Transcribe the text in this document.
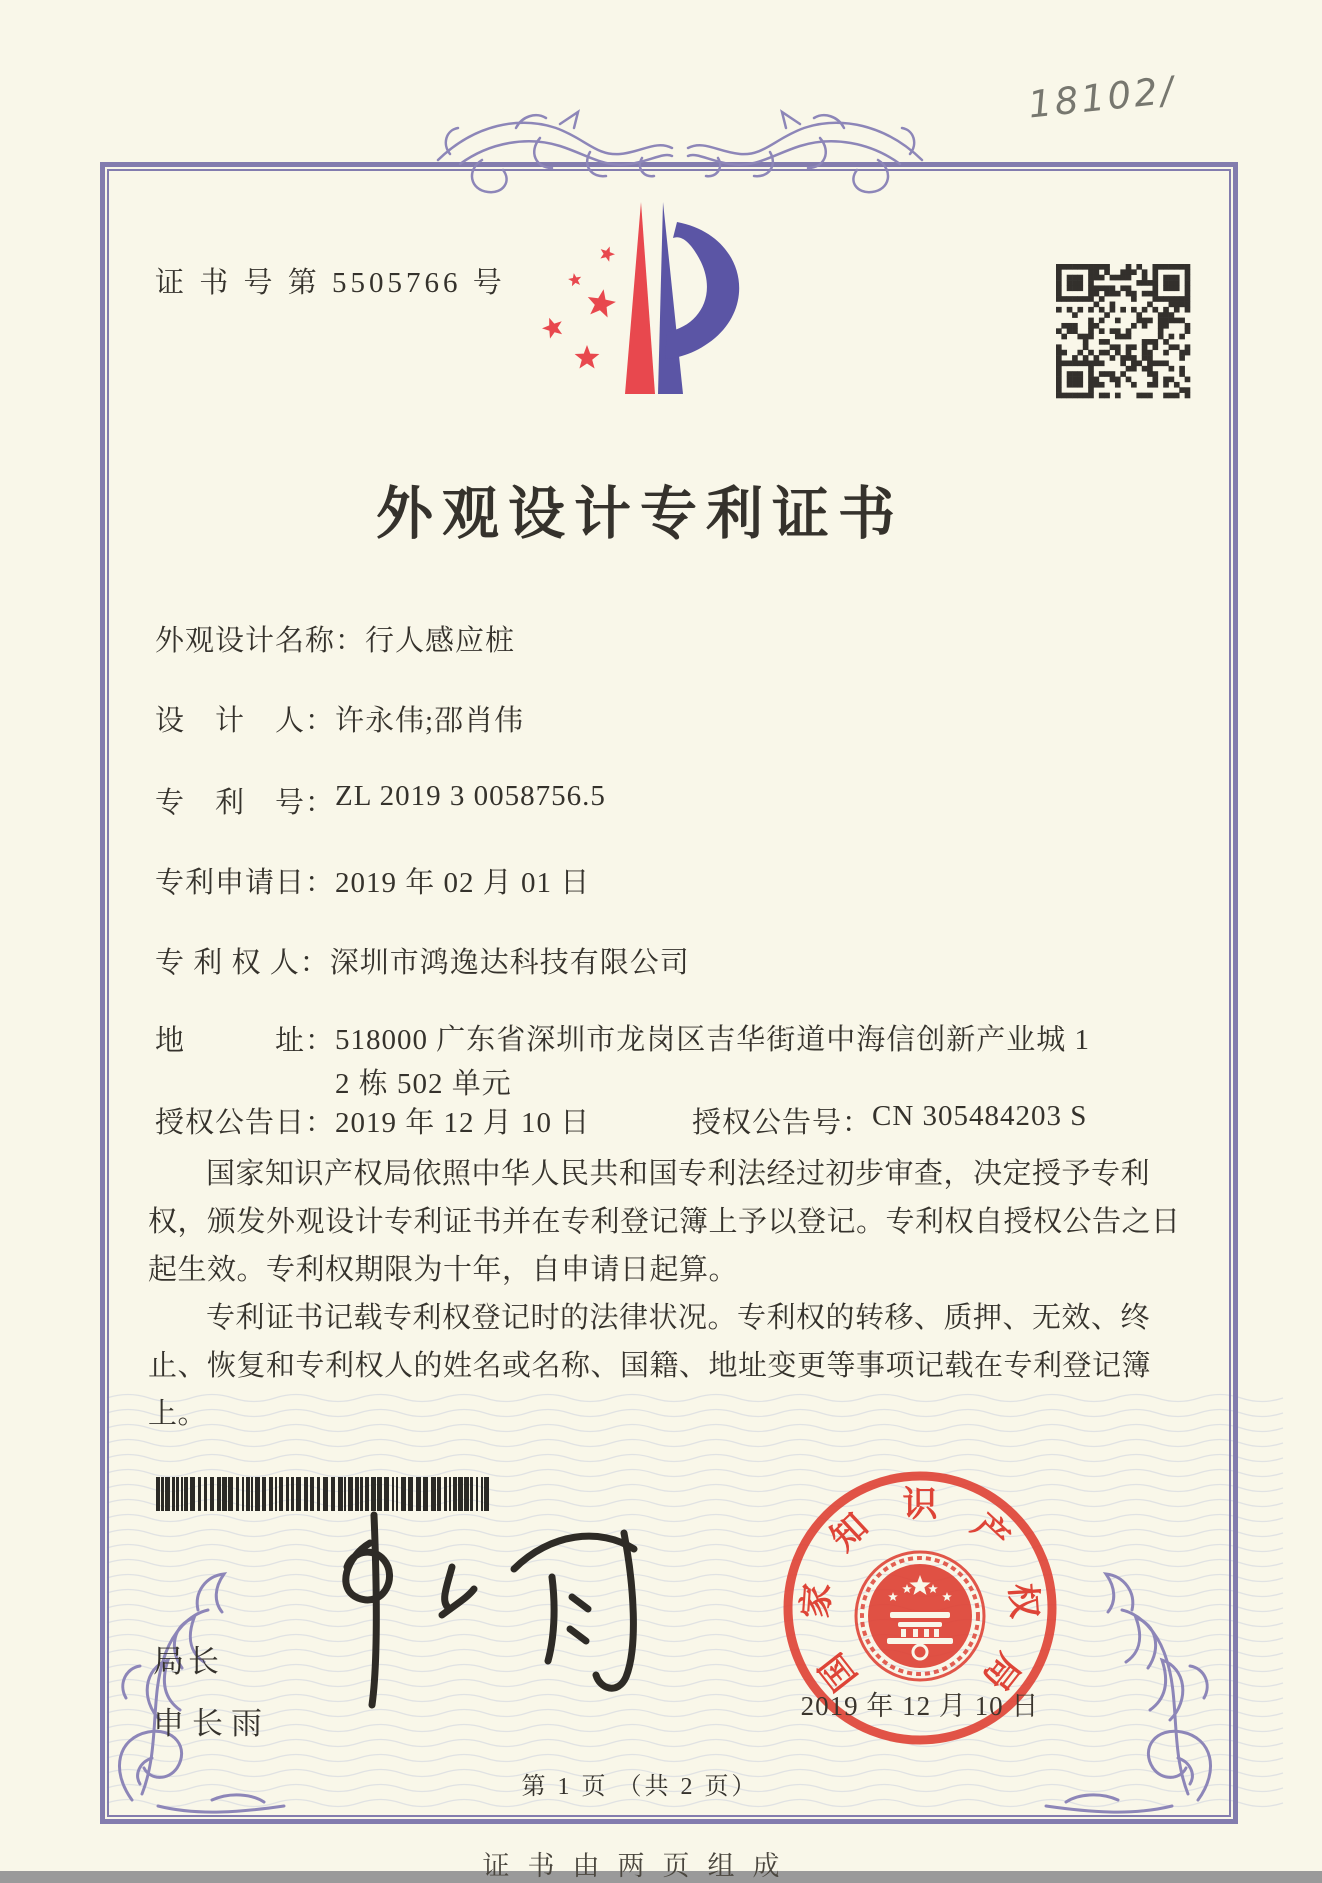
18102/
证 书 号 第 5505766 号
外观设计专利证书
外观设计名称： 行人感应桩
设　计　人： 许永伟;邵肖伟
专　利　号： ZL 2019 3 0058756.5
专利申请日： 2019 年 02 月 01 日
专 利 权 人： 深圳市鸿逸达科技有限公司
地　　　址： 518000 广东省深圳市龙岗区吉华街道中海信创新产业城 1
2 栋 502 单元
授权公告日： 2019 年 12 月 10 日	授权公告号： CN 305484203 S

国家知识产权局依照中华人民共和国专利法经过初步审查，决定授予专利权，颁发外观设计专利证书并在专利登记簿上予以登记。专利权自授权公告之日起生效。专利权期限为十年，自申请日起算。

专利证书记载专利权登记时的法律状况。专利权的转移、质押、无效、终止、恢复和专利权人的姓名或名称、国籍、地址变更等事项记载在专利登记簿上。

局长
申长雨
国
家
知
识
产
权
局
2019 年 12 月 10 日
第 1 页 （共 2 页）
证书由两页组成
